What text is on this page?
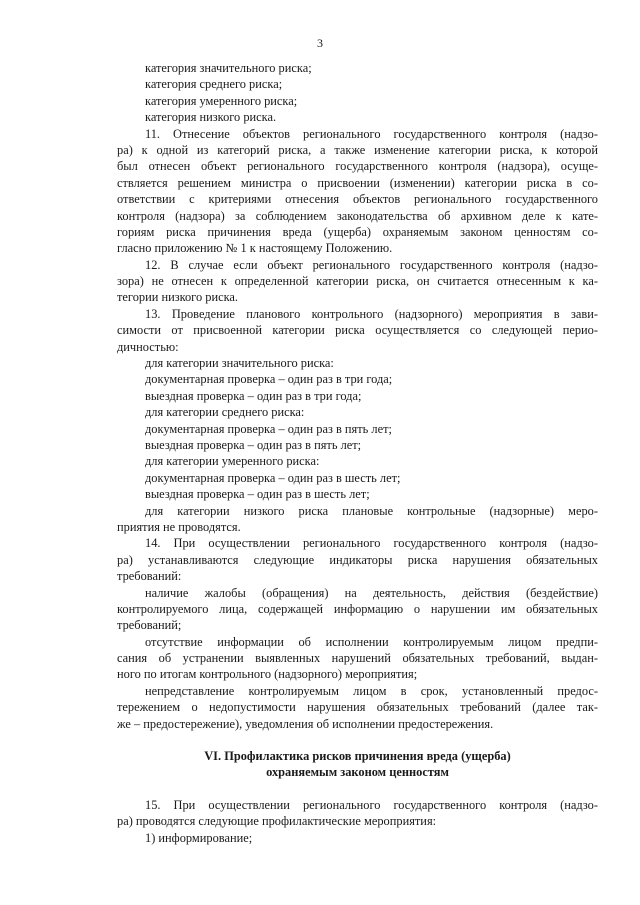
3
категория значительного риска;
категория среднего риска;
категория умеренного риска;
категория низкого риска.
11. Отнесение объектов регионального государственного контроля (надзо-
ра) к одной из категорий риска, а также изменение категории риска, к которой
был отнесен объект регионального государственного контроля (надзора), осуще-
ствляется решением министра о присвоении (изменении) категории риска в со-
ответствии с критериями отнесения объектов регионального государственного
контроля (надзора) за соблюдением законодательства об архивном деле к кате-
гориям риска причинения вреда (ущерба) охраняемым законом ценностям со-
гласно приложению № 1 к настоящему Положению.
12. В случае если объект регионального государственного контроля (надзо-
зора) не отнесен к определенной категории риска, он считается отнесенным к ка-
тегории низкого риска.
13. Проведение планового контрольного (надзорного) мероприятия в зави-
симости от присвоенной категории риска осуществляется со следующей перио-
дичностью:
для категории значительного риска:
документарная проверка – один раз в три года;
выездная проверка – один раз в три года;
для категории среднего риска:
документарная проверка – один раз в пять лет;
выездная проверка – один раз в пять лет;
для категории умеренного риска:
документарная проверка – один раз в шесть лет;
выездная проверка – один раз в шесть лет;
для категории низкого риска плановые контрольные (надзорные) меро-
приятия не проводятся.
14. При осуществлении регионального государственного контроля (надзо-
ра) устанавливаются следующие индикаторы риска нарушения обязательных
требований:
наличие жалобы (обращения) на деятельность, действия (бездействие)
контролируемого лица, содержащей информацию о нарушении им обязательных
требований;
отсутствие информации об исполнении контролируемым лицом предпи-
сания об устранении выявленных нарушений обязательных требований, выдан-
ного по итогам контрольного (надзорного) мероприятия;
непредставление контролируемым лицом в срок, установленный предос-
тережением о недопустимости нарушения обязательных требований (далее так-
же – предостережение), уведомления об исполнении предостережения.
VI. Профилактика рисков причинения вреда (ущерба)
охраняемым законом ценностям
15. При осуществлении регионального государственного контроля (надзо-
ра) проводятся следующие профилактические мероприятия:
1) информирование;
